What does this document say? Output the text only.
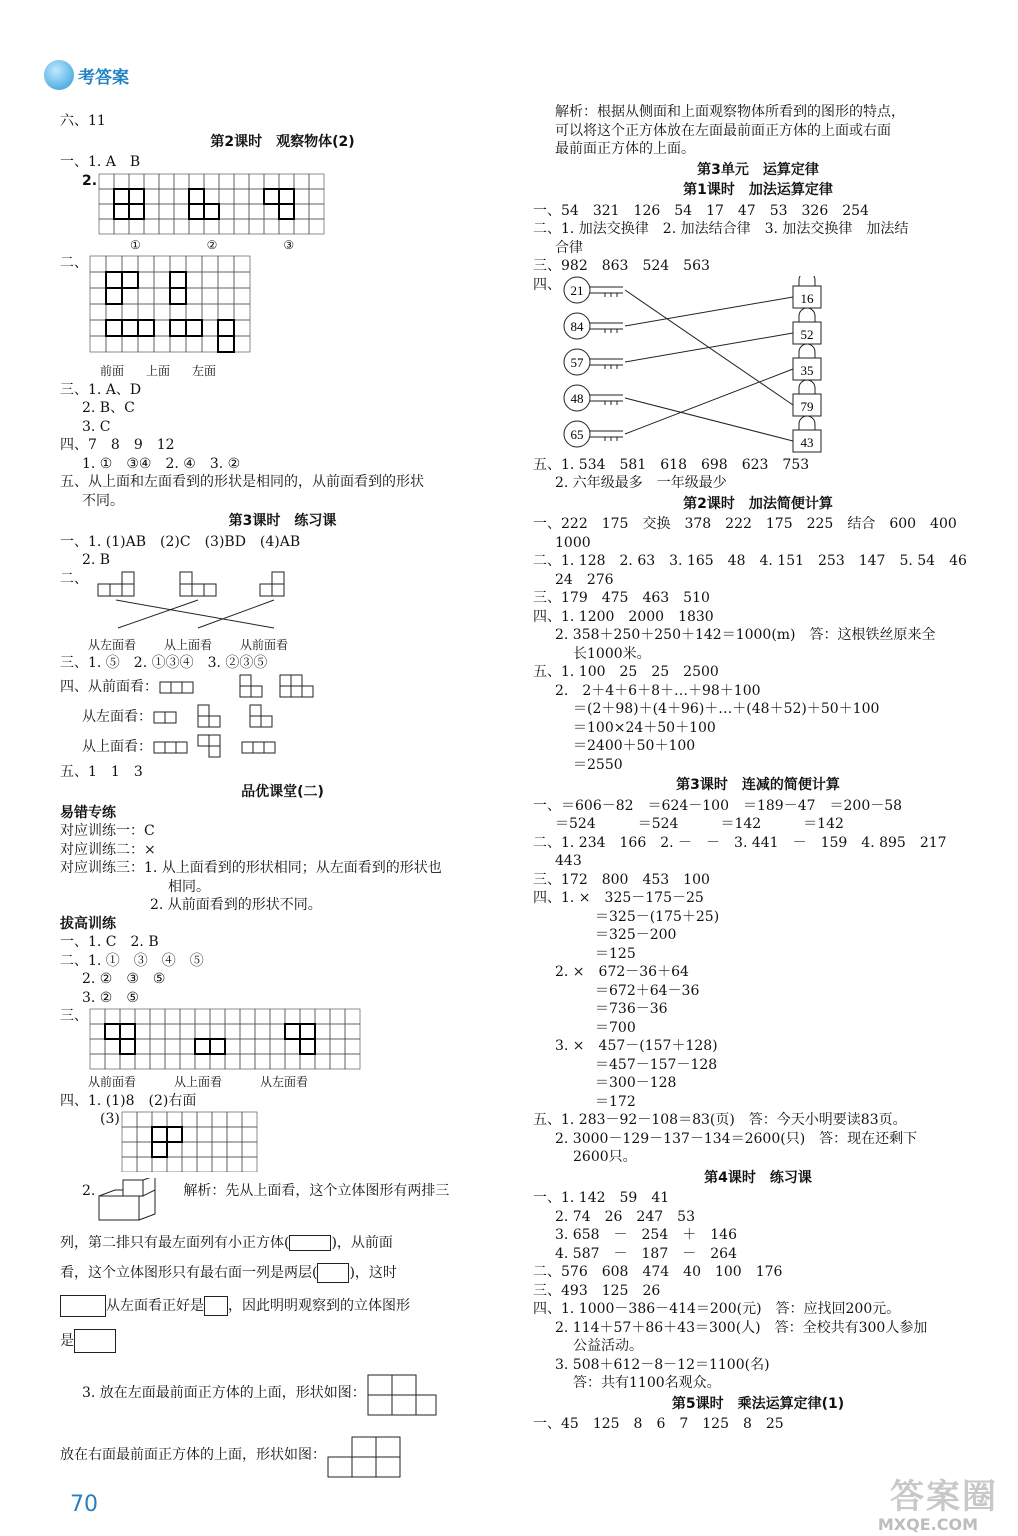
考答案
六、11
第2课时　观察物体(2)
一、1. A　B
2.
①	②	③
二、
前面 上面 左面
三、1. A、D
2. B、C
3. C
四、7　8　9　12
1. ①　③④　2. ④　3. ②
五、从上面和左面看到的形状是相同的，从前面看到的形状
不同。
第3课时　练习课
一、1. (1)AB　(2)C　(3)BD　(4)AB
2. B
二、
从左面看 从上面看 从前面看
三、1. ⑤　2. ①③④　3. ②③⑤
四、从前面看：
从左面看：
从上面看：
五、1　1　3
品优课堂(二)
易错专练
对应训练一：C
对应训练二：×
对应训练三：1. 从上面看到的形状相同；从左面看到的形状也
相同。
2. 从前面看到的形状不同。
拔高训练
一、1. C　2. B
二、1. ①　③　④　⑤
2. ②　③　⑤
3. ②　⑤
三、
从前面看	从上面看	从左面看
四、1. (1)8　(2)右面
(3)
2.	解析：先从上面看，这个立体图形有两排三
列，第二排只有最左面列有小正方体(	)，从前面
看，这个立体图形只有最右面一列是两层( )，这时
从左面看正好是 ，因此明明观察到的立体图形
是
3. 放在左面最前面正方体的上面，形状如图：
放在右面最前面正方体的上面，形状如图：
解析：根据从侧面和上面观察物体所看到的图形的特点，
可以将这个正方体放在左面最前面正方体的上面或右面
最前面正方体的上面。
第3单元　运算定律
第1课时　加法运算定律
一、54　321　126　54　17　47　53　326　254
二、1. 加法交换律　2. 加法结合律　3. 加法交换律　加法结
合律
三、982　863　524　563
四、 21
84
57
48
65
16
52
35
79
43
五、1. 534　581　618　698　623　753
2. 六年级最多　一年级最少
第2课时　加法简便计算
一、222　175　交换　378　222　175　225　结合　600　400
1000
二、1. 128　2. 63　3. 165　48　4. 151　253　147　5. 54　46
24　276
三、179　475　463　510
四、1. 1200　2000　1830
2. 358＋250＋250＋142＝1000(m)　答：这根铁丝原来全
长1000米。
五、1. 100　25　25　2500
2.　2＋4＋6＋8＋…＋98＋100
＝(2＋98)＋(4＋96)＋…＋(48＋52)＋50＋100
＝100×24＋50＋100
＝2400＋50＋100
＝2550
第3课时　连减的简便计算
一、＝606－82　＝624－100　＝189－47　＝200－58
＝524　　　＝524　　　＝142　　　＝142
二、1. 234　166　2. －　－　3. 441　－　159　4. 895　217
443
三、172　800　453　100
四、1. ×　325－175－25
＝325－(175＋25)
＝325－200
＝125
2. ×　672－36＋64
＝672＋64－36
＝736－36
＝700
3. ×　457－(157＋128)
＝457－157－128
＝300－128
＝172
五、1. 283－92－108＝83(页)　答：今天小明要读83页。
2. 3000－129－137－134＝2600(只)　答：现在还剩下
2600只。
第4课时　练习课
一、1. 142　59　41
2. 74　26　247　53
3. 658　－　254　＋　146
4. 587　－　187　－　264
二、576　608　474　40　100　176
三、493　125　26
四、1. 1000－386－414＝200(元)　答：应找回200元。
2. 114＋57＋86＋43＝300(人)　答：全校共有300人参加
公益活动。
3. 508＋612－8－12＝1100(名)
答：共有1100名观众。
第5课时　乘法运算定律(1)
一、45　125　8　6　7　125　8　25
70	答案圈
MXQE.COM
